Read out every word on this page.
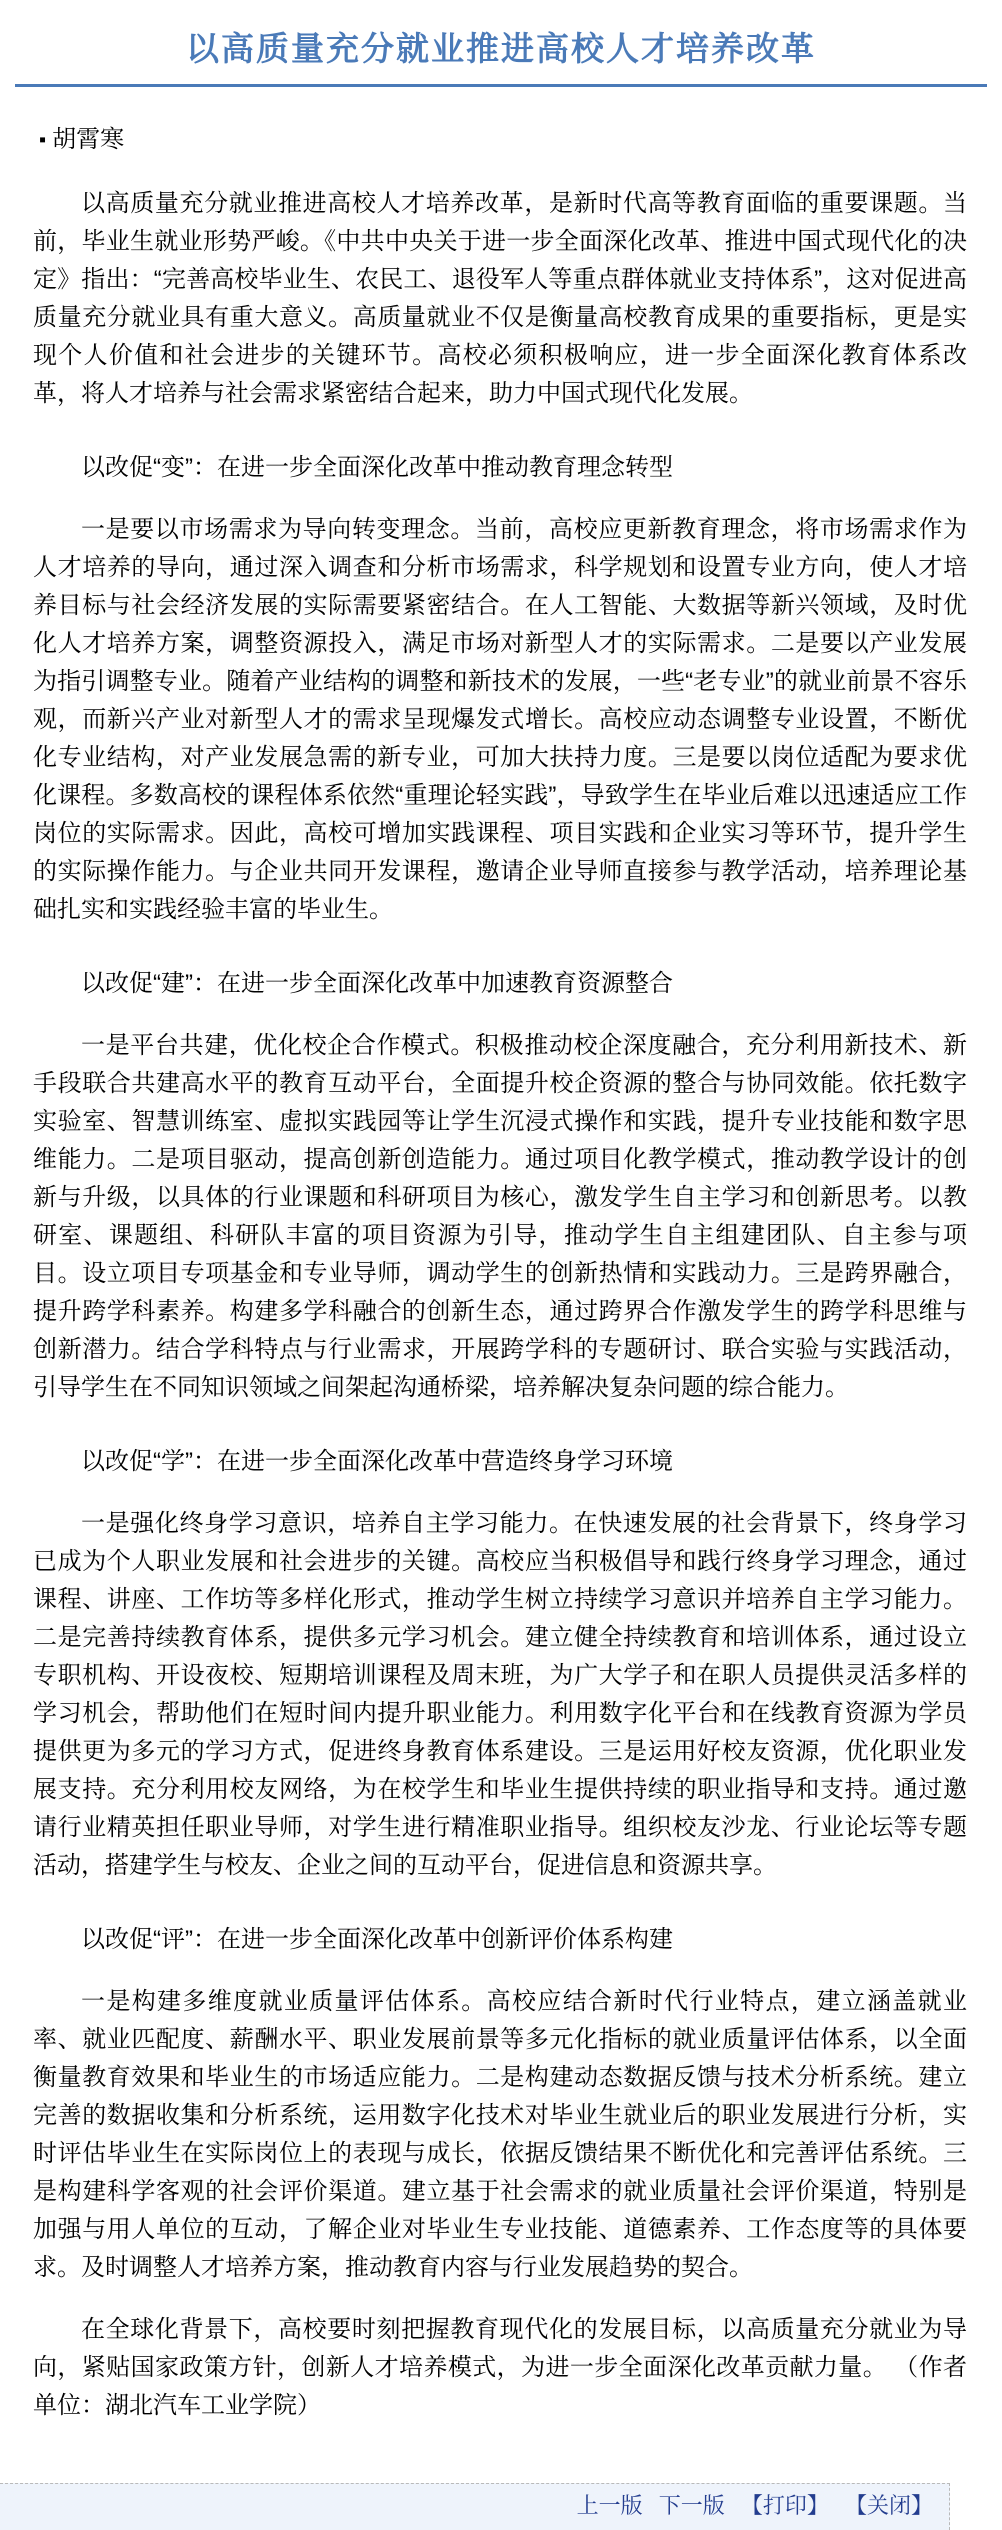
以高质量充分就业推进高校人才培养改革
▪ 胡霄寒

以高质量充分就业推进高校人才培养改革，是新时代高等教育面临的重要课题。当前，毕业生就业形势严峻。《中共中央关于进一步全面深化改革、推进中国式现代化的决定》指出：“完善高校毕业生、农民工、退役军人等重点群体就业支持体系”，这对促进高质量充分就业具有重大意义。高质量就业不仅是衡量高校教育成果的重要指标，更是实现个人价值和社会进步的关键环节。高校必须积极响应，进一步全面深化教育体系改革，将人才培养与社会需求紧密结合起来，助力中国式现代化发展。

以改促“变”：在进一步全面深化改革中推动教育理念转型

一是要以市场需求为导向转变理念。当前，高校应更新教育理念，将市场需求作为人才培养的导向，通过深入调查和分析市场需求，科学规划和设置专业方向，使人才培养目标与社会经济发展的实际需要紧密结合。在人工智能、大数据等新兴领域，及时优化人才培养方案，调整资源投入，满足市场对新型人才的实际需求。二是要以产业发展为指引调整专业。随着产业结构的调整和新技术的发展，一些“老专业”的就业前景不容乐观，而新兴产业对新型人才的需求呈现爆发式增长。高校应动态调整专业设置，不断优化专业结构，对产业发展急需的新专业，可加大扶持力度。三是要以岗位适配为要求优化课程。多数高校的课程体系依然“重理论轻实践”，导致学生在毕业后难以迅速适应工作岗位的实际需求。因此，高校可增加实践课程、项目实践和企业实习等环节，提升学生的实际操作能力。与企业共同开发课程，邀请企业导师直接参与教学活动，培养理论基础扎实和实践经验丰富的毕业生。

以改促“建”：在进一步全面深化改革中加速教育资源整合

一是平台共建，优化校企合作模式。积极推动校企深度融合，充分利用新技术、新手段联合共建高水平的教育互动平台，全面提升校企资源的整合与协同效能。依托数字实验室、智慧训练室、虚拟实践园等让学生沉浸式操作和实践，提升专业技能和数字思维能力。二是项目驱动，提高创新创造能力。通过项目化教学模式，推动教学设计的创新与升级，以具体的行业课题和科研项目为核心，激发学生自主学习和创新思考。以教研室、课题组、科研队丰富的项目资源为引导，推动学生自主组建团队、自主参与项目。设立项目专项基金和专业导师，调动学生的创新热情和实践动力。三是跨界融合，提升跨学科素养。构建多学科融合的创新生态，通过跨界合作激发学生的跨学科思维与创新潜力。结合学科特点与行业需求，开展跨学科的专题研讨、联合实验与实践活动，引导学生在不同知识领域之间架起沟通桥梁，培养解决复杂问题的综合能力。

以改促“学”：在进一步全面深化改革中营造终身学习环境

一是强化终身学习意识，培养自主学习能力。在快速发展的社会背景下，终身学习已成为个人职业发展和社会进步的关键。高校应当积极倡导和践行终身学习理念，通过课程、讲座、工作坊等多样化形式，推动学生树立持续学习意识并培养自主学习能力。二是完善持续教育体系，提供多元学习机会。建立健全持续教育和培训体系，通过设立专职机构、开设夜校、短期培训课程及周末班，为广大学子和在职人员提供灵活多样的学习机会，帮助他们在短时间内提升职业能力。利用数字化平台和在线教育资源为学员提供更为多元的学习方式，促进终身教育体系建设。三是运用好校友资源，优化职业发展支持。充分利用校友网络，为在校学生和毕业生提供持续的职业指导和支持。通过邀请行业精英担任职业导师，对学生进行精准职业指导。组织校友沙龙、行业论坛等专题活动，搭建学生与校友、企业之间的互动平台，促进信息和资源共享。

以改促“评”：在进一步全面深化改革中创新评价体系构建

一是构建多维度就业质量评估体系。高校应结合新时代行业特点，建立涵盖就业率、就业匹配度、薪酬水平、职业发展前景等多元化指标的就业质量评估体系，以全面衡量教育效果和毕业生的市场适应能力。二是构建动态数据反馈与技术分析系统。建立完善的数据收集和分析系统，运用数字化技术对毕业生就业后的职业发展进行分析，实时评估毕业生在实际岗位上的表现与成长，依据反馈结果不断优化和完善评估系统。三是构建科学客观的社会评价渠道。建立基于社会需求的就业质量社会评价渠道，特别是加强与用人单位的互动，了解企业对毕业生专业技能、道德素养、工作态度等的具体要求。及时调整人才培养方案，推动教育内容与行业发展趋势的契合。

在全球化背景下，高校要时刻把握教育现代化的发展目标，以高质量充分就业为导向，紧贴国家政策方针，创新人才培养模式，为进一步全面深化改革贡献力量。 （作者单位：湖北汽车工业学院）

上一版 下一版 【打印】 【关闭】
